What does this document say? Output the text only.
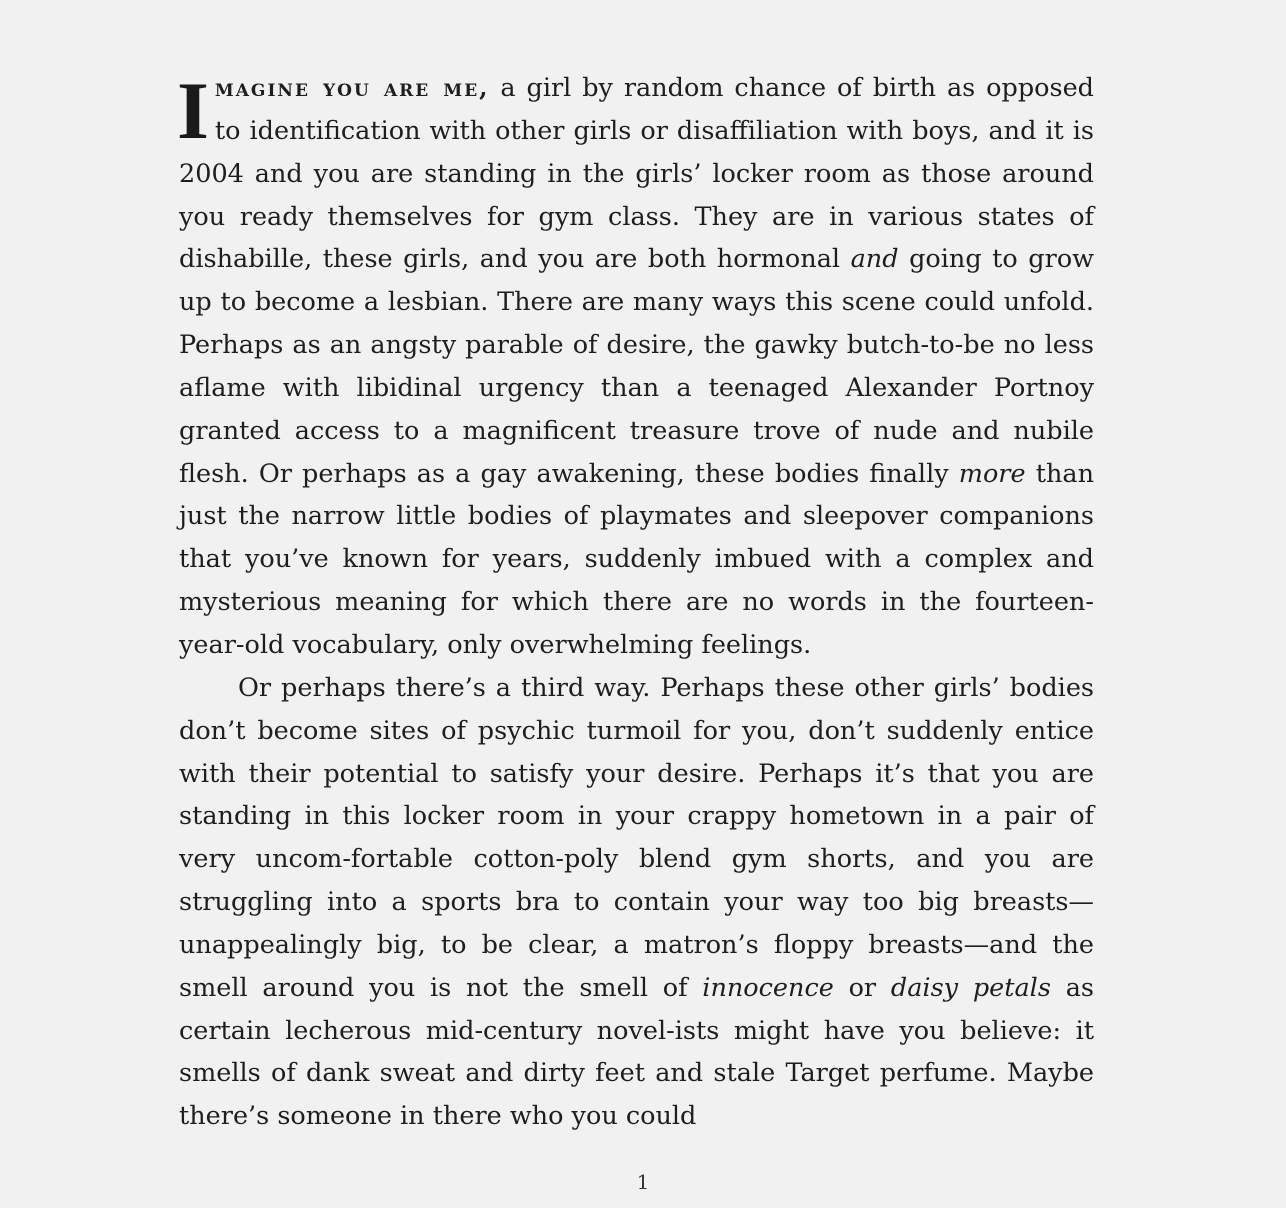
Imagine you are me, a girl by random chance of birth as opposed to identification with other girls or disaffiliation with boys, and it is 2004 and you are standing in the girls’ locker room as those around you ready themselves for gym class. They are in various states of dishabille, these girls, and you are both hormonal and going to grow up to become a lesbian. There are many ways this scene could unfold. Perhaps as an angsty parable of desire, the gawky butch-to-be no less aflame with libidinal urgency than a teenaged Alexander Portnoy granted access to a magnificent treasure trove of nude and nubile flesh. Or perhaps as a gay awakening, these bodies finally more than just the narrow little bodies of playmates and sleepover companions that you’ve known for years, suddenly imbued with a complex and mysterious meaning for which there are no words in the fourteen-year-old vocabulary, only overwhelming feelings.

Or perhaps there’s a third way. Perhaps these other girls’ bodies don’t become sites of psychic turmoil for you, don’t suddenly entice with their potential to satisfy your desire. Perhaps it’s that you are standing in this locker room in your crappy hometown in a pair of very uncom-fortable cotton-poly blend gym shorts, and you are struggling into a sports bra to contain your way too big breasts—unappealingly big, to be clear, a matron’s floppy breasts—and the smell around you is not the smell of innocence or daisy petals as certain lecherous mid-century novel-ists might have you believe: it smells of dank sweat and dirty feet and stale Target perfume. Maybe there’s someone in there who you could

1
